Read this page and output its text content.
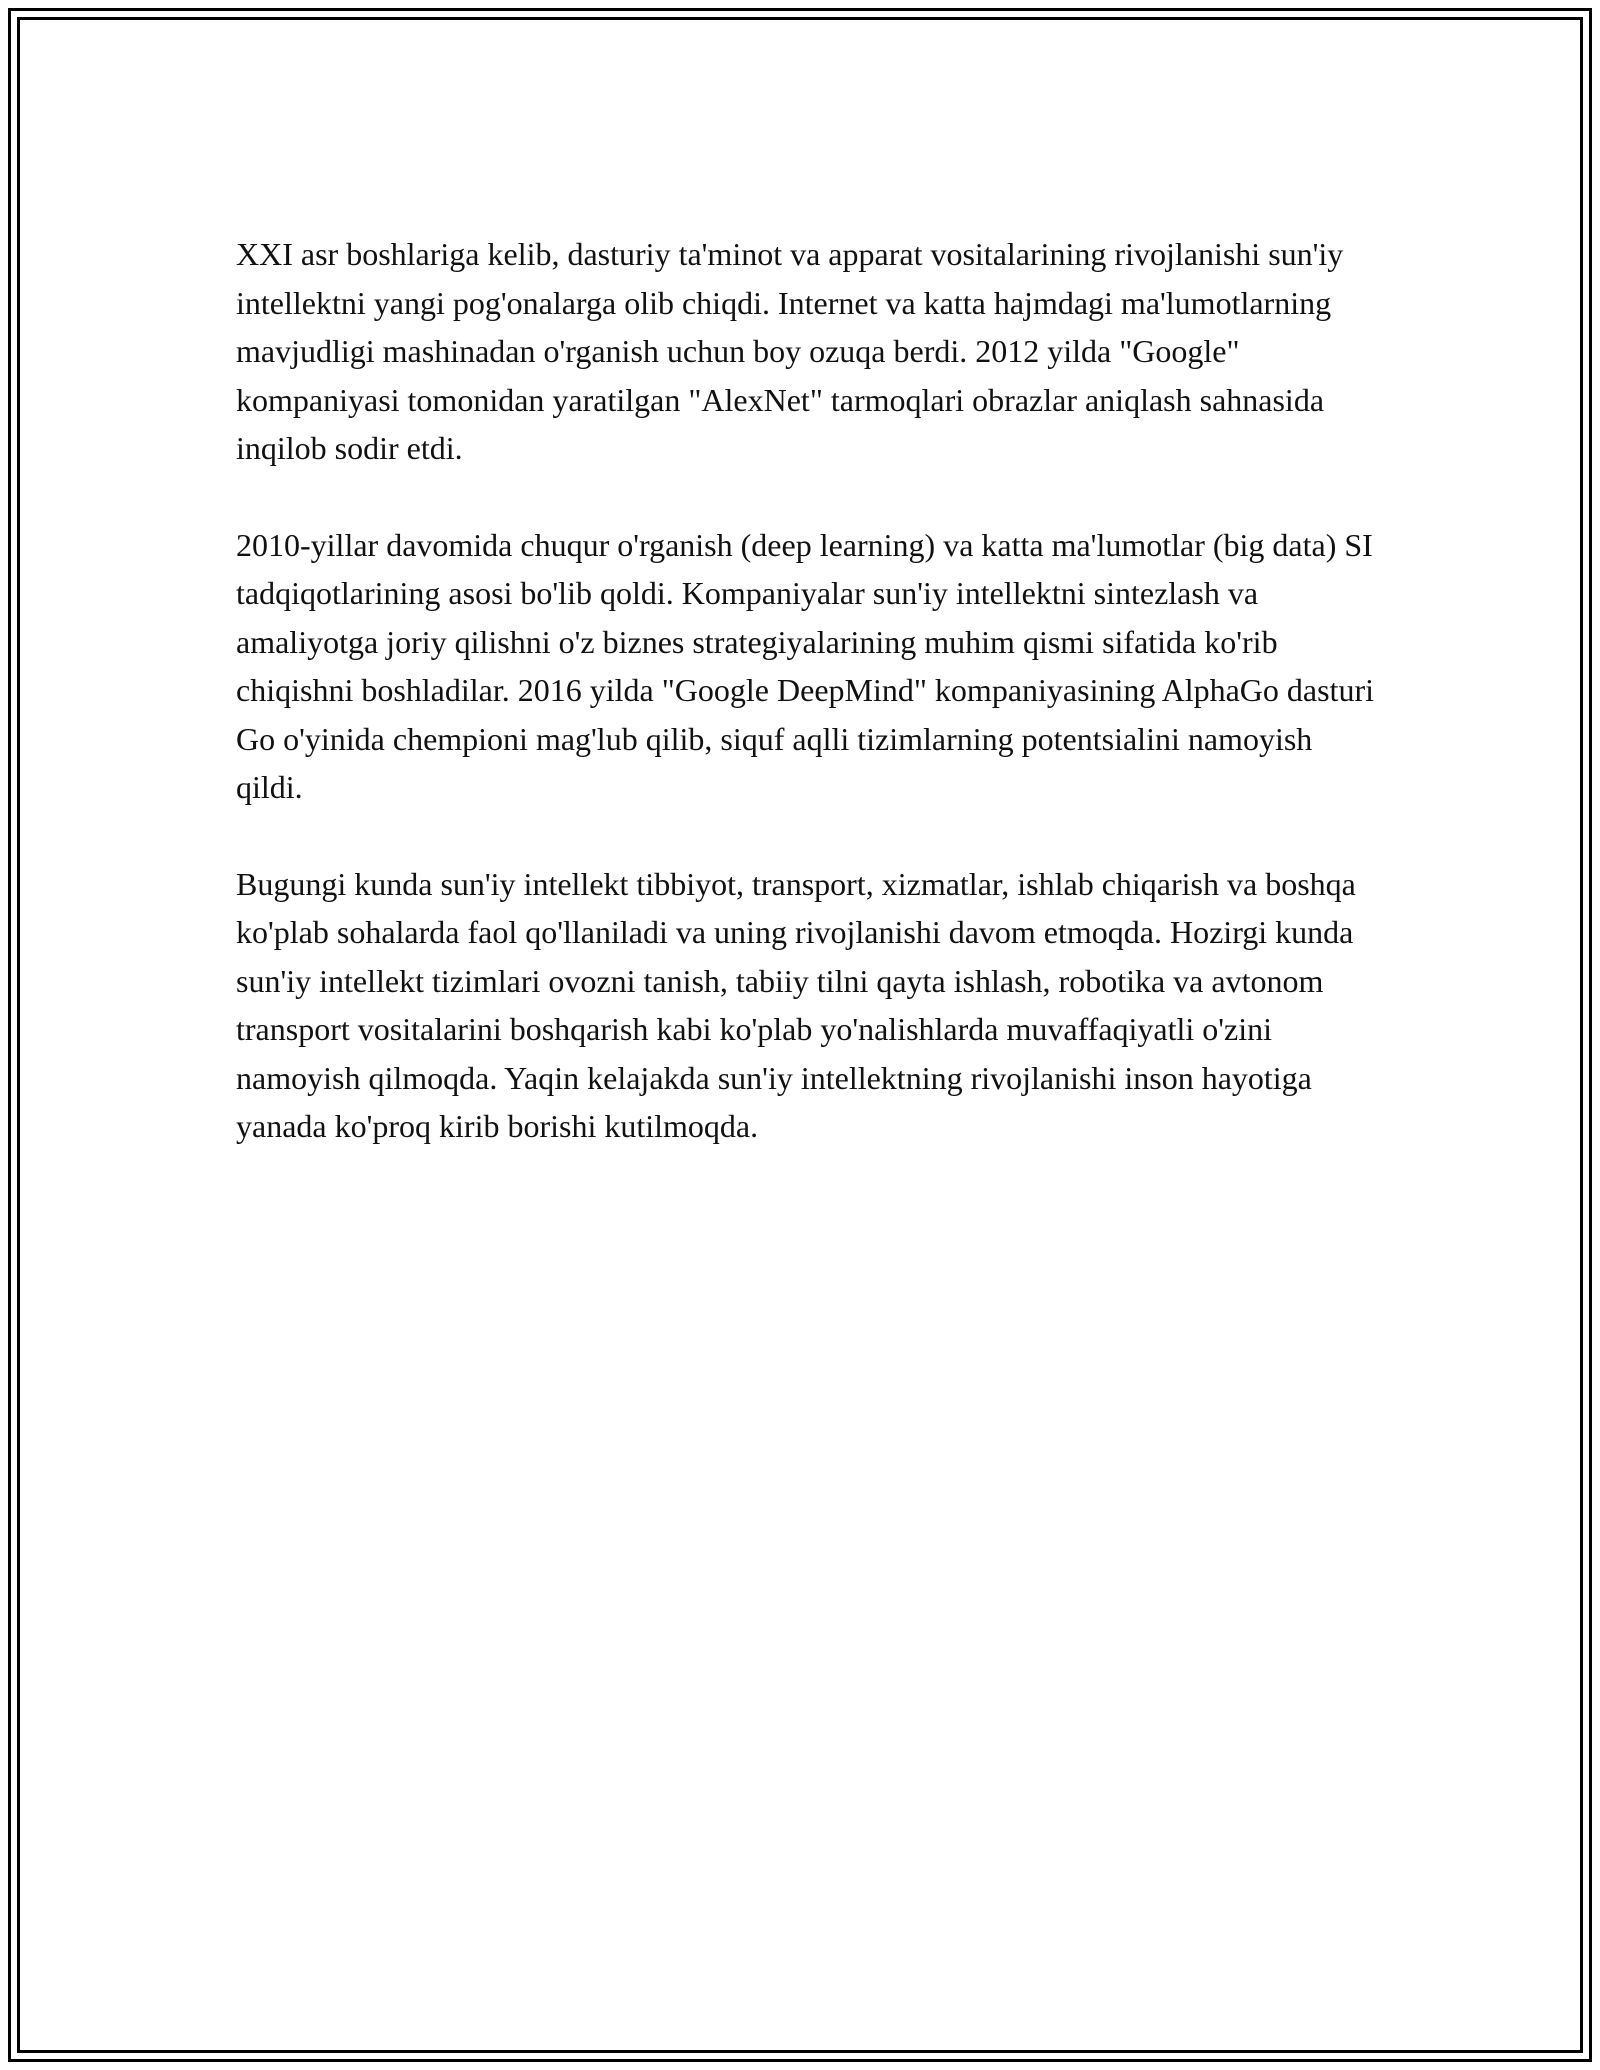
XXI asr boshlariga kelib, dasturiy ta'minot va apparat vositalarining rivojlanishi sun'iy intellektni yangi pog'onalarga olib chiqdi. Internet va katta hajmdagi ma'lumotlarning mavjudligi mashinadan o'rganish uchun boy ozuqa berdi. 2012 yilda "Google" kompaniyasi tomonidan yaratilgan "AlexNet" tarmoqlari obrazlar aniqlash sahnasida inqilob sodir etdi.

2010-yillar davomida chuqur o'rganish (deep learning) va katta ma'lumotlar (big data) SI tadqiqotlarining asosi bo'lib qoldi. Kompaniyalar sun'iy intellektni sintezlash va amaliyotga joriy qilishni o'z biznes strategiyalarining muhim qismi sifatida ko'rib chiqishni boshladilar. 2016 yilda "Google DeepMind" kompaniyasining AlphaGo dasturi Go o'yinida chempioni mag'lub qilib, siquf aqlli tizimlarning potentsialini namoyish qildi.

Bugungi kunda sun'iy intellekt tibbiyot, transport, xizmatlar, ishlab chiqarish va boshqa ko'plab sohalarda faol qo'llaniladi va uning rivojlanishi davom etmoqda. Hozirgi kunda sun'iy intellekt tizimlari ovozni tanish, tabiiy tilni qayta ishlash, robotika va avtonom transport vositalarini boshqarish kabi ko'plab yo'nalishlarda muvaffaqiyatli o'zini namoyish qilmoqda. Yaqin kelajakda sun'iy intellektning rivojlanishi inson hayotiga yanada ko'proq kirib borishi kutilmoqda.
